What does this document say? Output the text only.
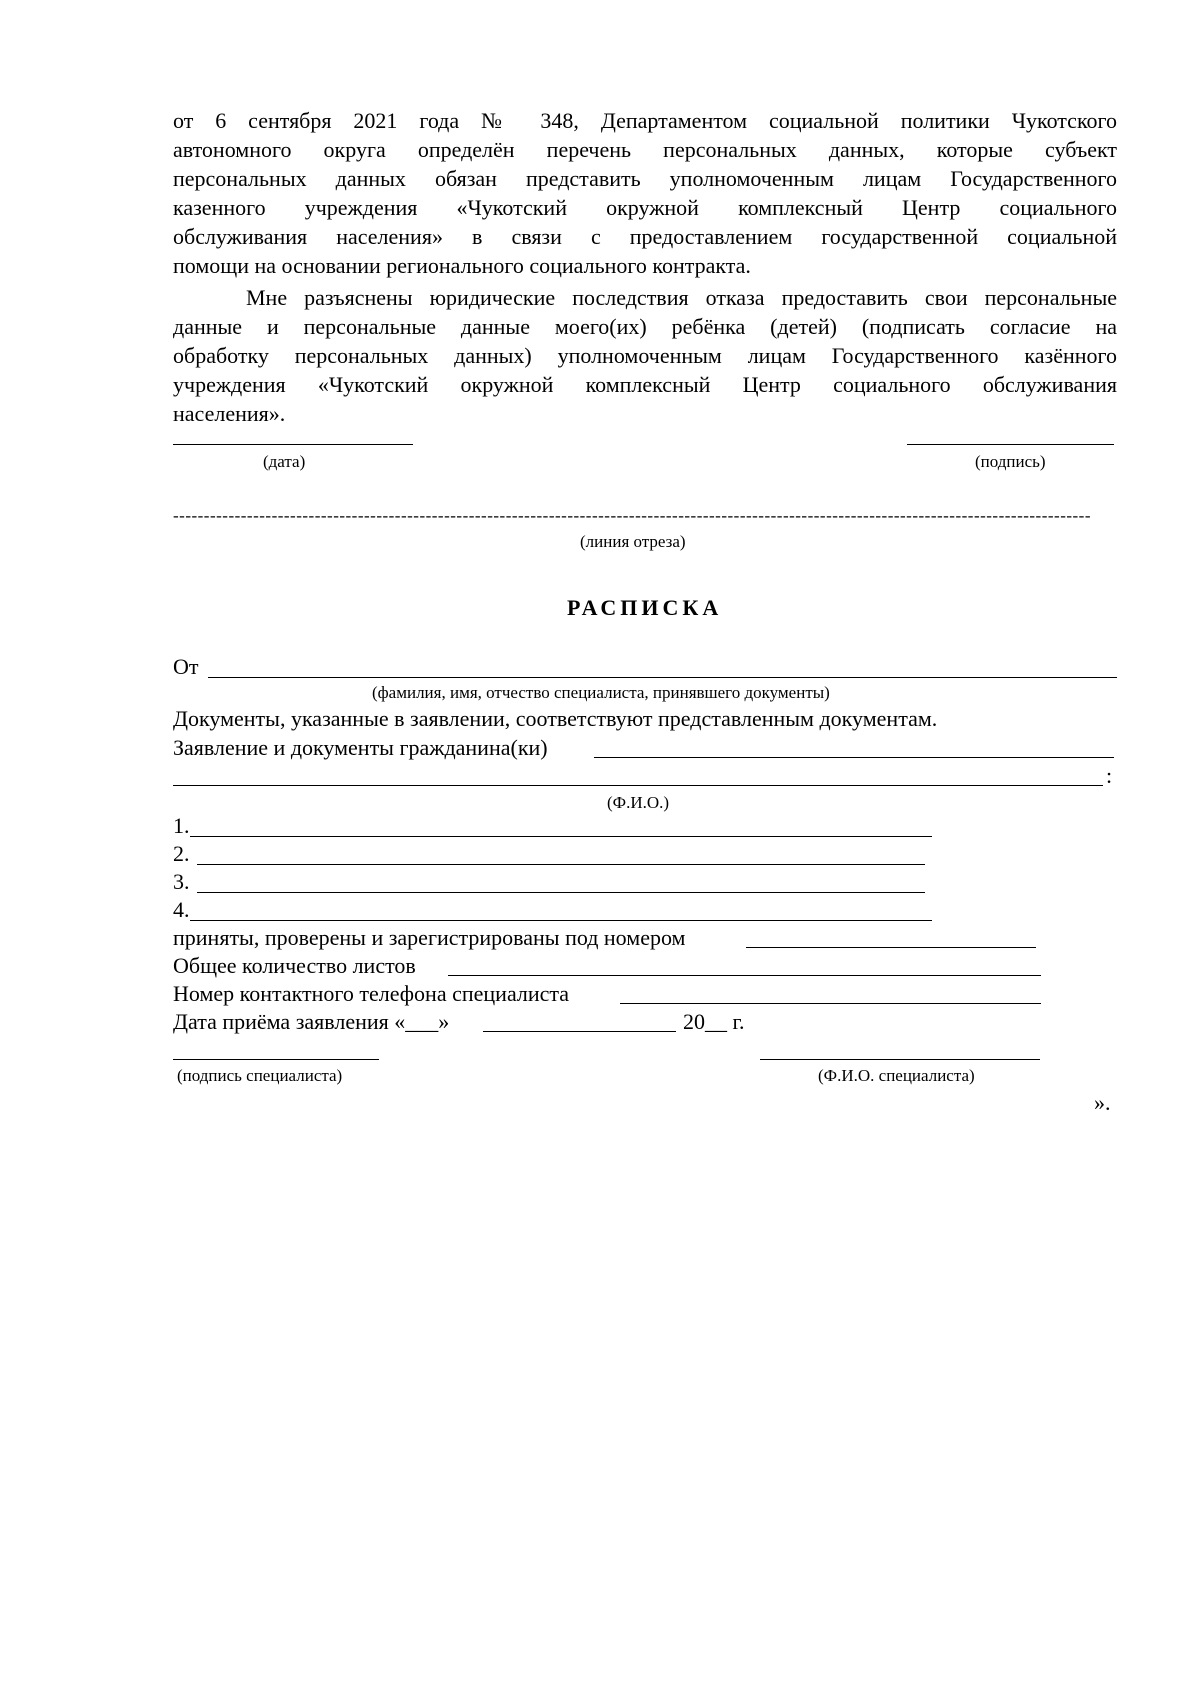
от 6 сентября 2021 года № 348, Департаментом социальной политики Чукотского
автономного округа определён перечень персональных данных, которые субъект
персональных данных обязан представить уполномоченным лицам Государственного
казенного учреждения «Чукотский окружной комплексный Центр социального
обслуживания населения» в связи с предоставлением государственной социальной
помощи на основании регионального социального контракта.
Мне разъяснены юридические последствия отказа предоставить свои персональные
данные и персональные данные моего(их) ребёнка (детей) (подписать согласие на
обработку персональных данных) уполномоченным лицам Государственного казённого
учреждения «Чукотский окружной комплексный Центр социального обслуживания
населения».
(дата)	(подпись)
-----------------------------------------------------------------------------------------------------------------------------------------------------
(линия отреза)
РАСПИСКА
От
(фамилия, имя, отчество специалиста, принявшего документы)
Документы, указанные в заявлении, соответствуют представленным документам.
Заявление и документы гражданина(ки)
:
(Ф.И.О.)
1.
2.
3.
4.
приняты, проверены и зарегистрированы под номером
Общее количество листов
Номер контактного телефона специалиста
Дата приёма заявления «___»	20__ г.
(подпись специалиста)	(Ф.И.О. специалиста)
».
